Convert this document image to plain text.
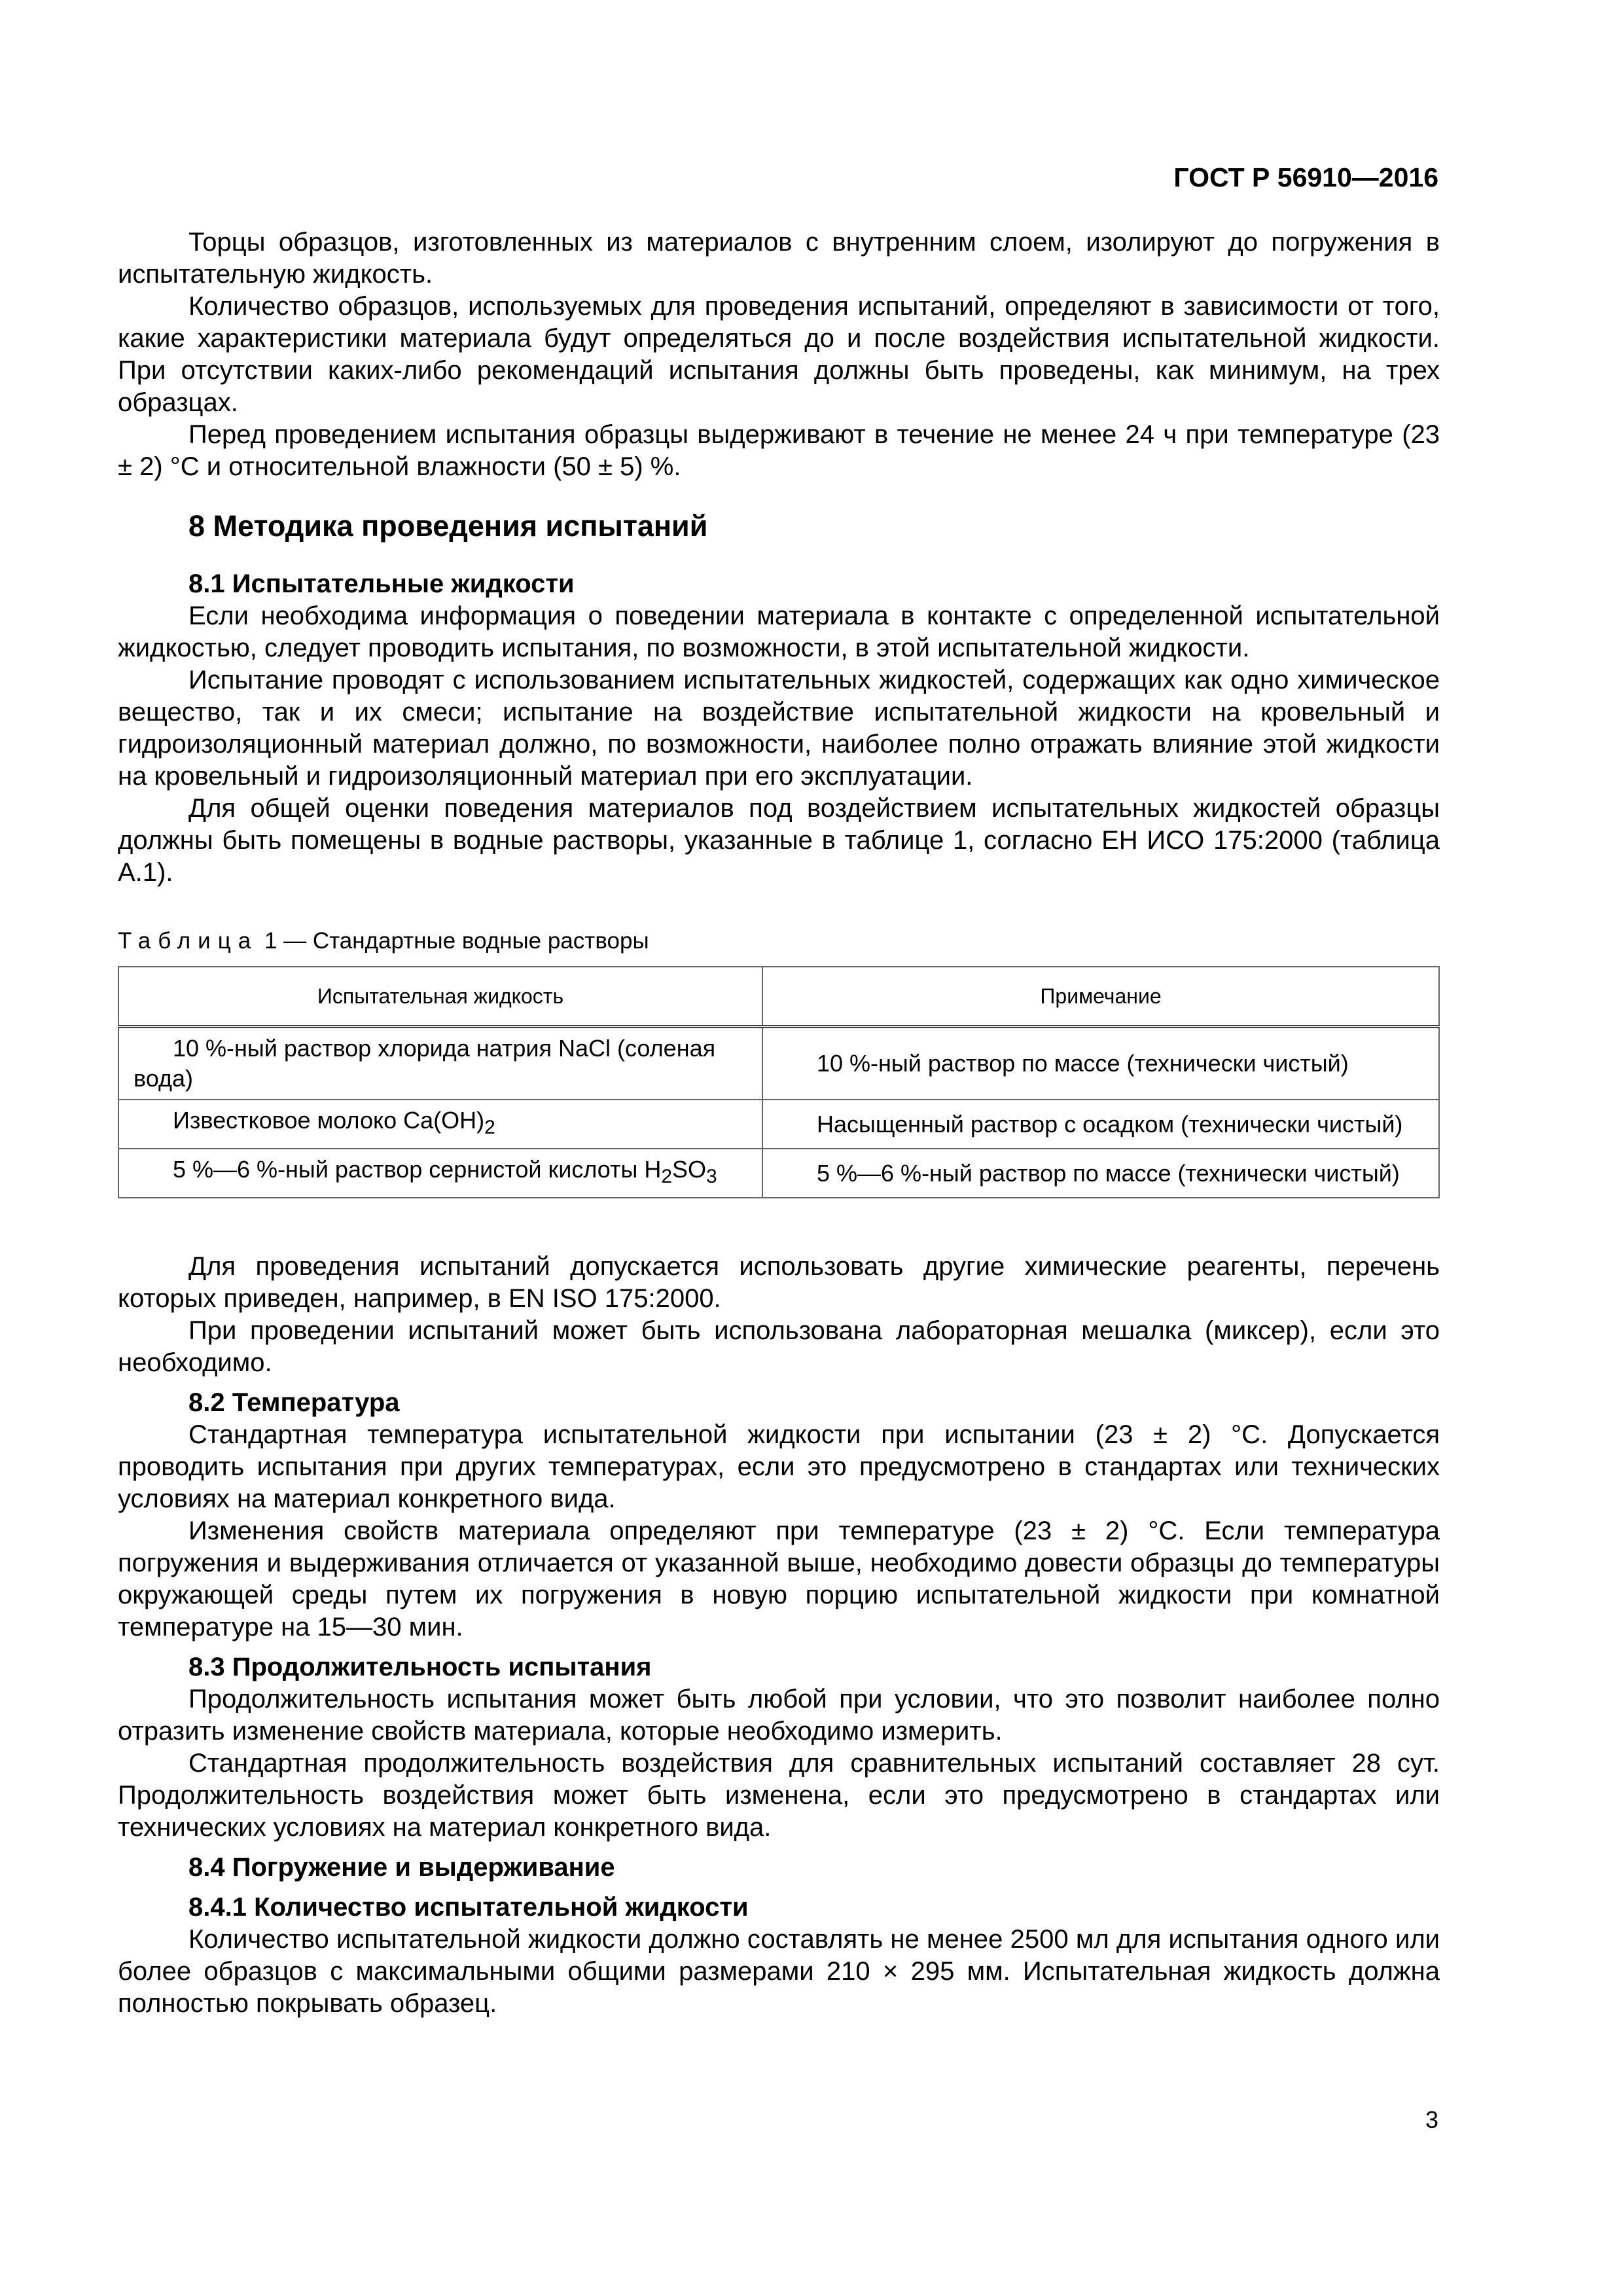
ГОСТ Р 56910—2016

Торцы образцов, изготовленных из материалов с внутренним слоем, изолируют до погружения в испытательную жидкость.

Количество образцов, используемых для проведения испытаний, определяют в зависимости от того, какие характеристики материала будут определяться до и после воздействия испытательной жидкости. При отсутствии каких-либо рекомендаций испытания должны быть проведены, как минимум, на трех образцах.

Перед проведением испытания образцы выдерживают в течение не менее 24 ч при температуре (23 ± 2) °С и относительной влажности (50 ± 5) %.

8 Методика проведения испытаний
8.1 Испытательные жидкости

Если необходима информация о поведении материала в контакте с определенной испытательной жидкостью, следует проводить испытания, по возможности, в этой испытательной жидкости.

Испытание проводят с использованием испытательных жидкостей, содержащих как одно химическое вещество, так и их смеси; испытание на воздействие испытательной жидкости на кровельный и гидроизоляционный материал должно, по возможности, наиболее полно отражать влияние этой жидкости на кровельный и гидроизоляционный материал при его эксплуатации.

Для общей оценки поведения материалов под воздействием испытательных жидкостей образцы должны быть помещены в водные растворы, указанные в таблице 1, согласно ЕН ИСО 175:2000 (таблица А.1).

Таблица 1 — Стандартные водные растворы
Испытательная жидкость	Примечание
10 %-ный раствор хлорида натрия NaCl (соленая вода)	10 %-ный раствор по массе (технически чистый)
Известковое молоко $Ca(OH)_2$	Насыщенный раствор с осадком (технически чистый)
5 %—6 %-ный раствор сернистой кислоты $H_2SO_3$	5 %—6 %-ный раствор по массе (технически чистый)

Для проведения испытаний допускается использовать другие химические реагенты, перечень которых приведен, например, в EN ISO 175:2000.

При проведении испытаний может быть использована лабораторная мешалка (миксер), если это необходимо.

8.2 Температура

Стандартная температура испытательной жидкости при испытании (23 ± 2) °С. Допускается проводить испытания при других температурах, если это предусмотрено в стандартах или технических условиях на материал конкретного вида.

Изменения свойств материала определяют при температуре (23 ± 2) °С. Если температура погружения и выдерживания отличается от указанной выше, необходимо довести образцы до температуры окружающей среды путем их погружения в новую порцию испытательной жидкости при комнатной температуре на 15—30 мин.

8.3 Продолжительность испытания

Продолжительность испытания может быть любой при условии, что это позволит наиболее полно отразить изменение свойств материала, которые необходимо измерить.

Стандартная продолжительность воздействия для сравнительных испытаний составляет 28 сут. Продолжительность воздействия может быть изменена, если это предусмотрено в стандартах или технических условиях на материал конкретного вида.

8.4 Погружение и выдерживание
8.4.1 Количество испытательной жидкости

Количество испытательной жидкости должно составлять не менее 2500 мл для испытания одного или более образцов с максимальными общими размерами 210 × 295 мм. Испытательная жидкость должна полностью покрывать образец.

3
